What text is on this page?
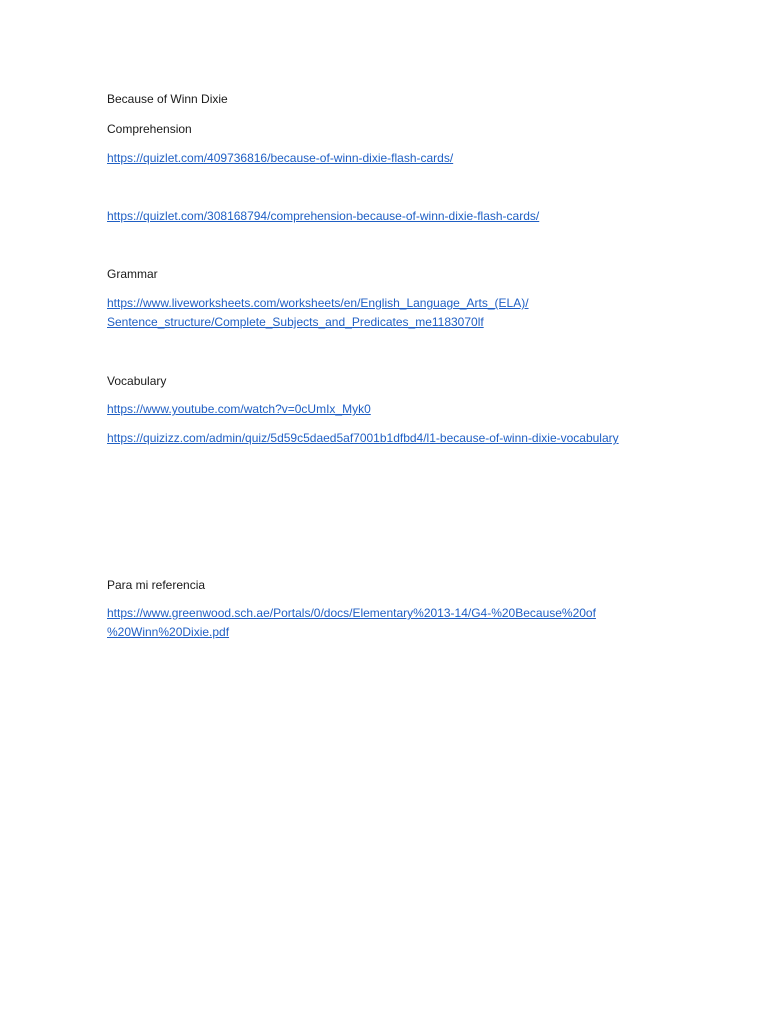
Because of Winn Dixie
Comprehension
https://quizlet.com/409736816/because-of-winn-dixie-flash-cards/
https://quizlet.com/308168794/comprehension-because-of-winn-dixie-flash-cards/
Grammar
https://www.liveworksheets.com/worksheets/en/English_Language_Arts_(ELA)/
Sentence_structure/Complete_Subjects_and_Predicates_me1183070lf
Vocabulary
https://www.youtube.com/watch?v=0cUmIx_Myk0
https://quizizz.com/admin/quiz/5d59c5daed5af7001b1dfbd4/l1-because-of-winn-dixie-vocabulary
Para mi referencia
https://www.greenwood.sch.ae/Portals/0/docs/Elementary%2013-14/G4-%20Because%20of
%20Winn%20Dixie.pdf
